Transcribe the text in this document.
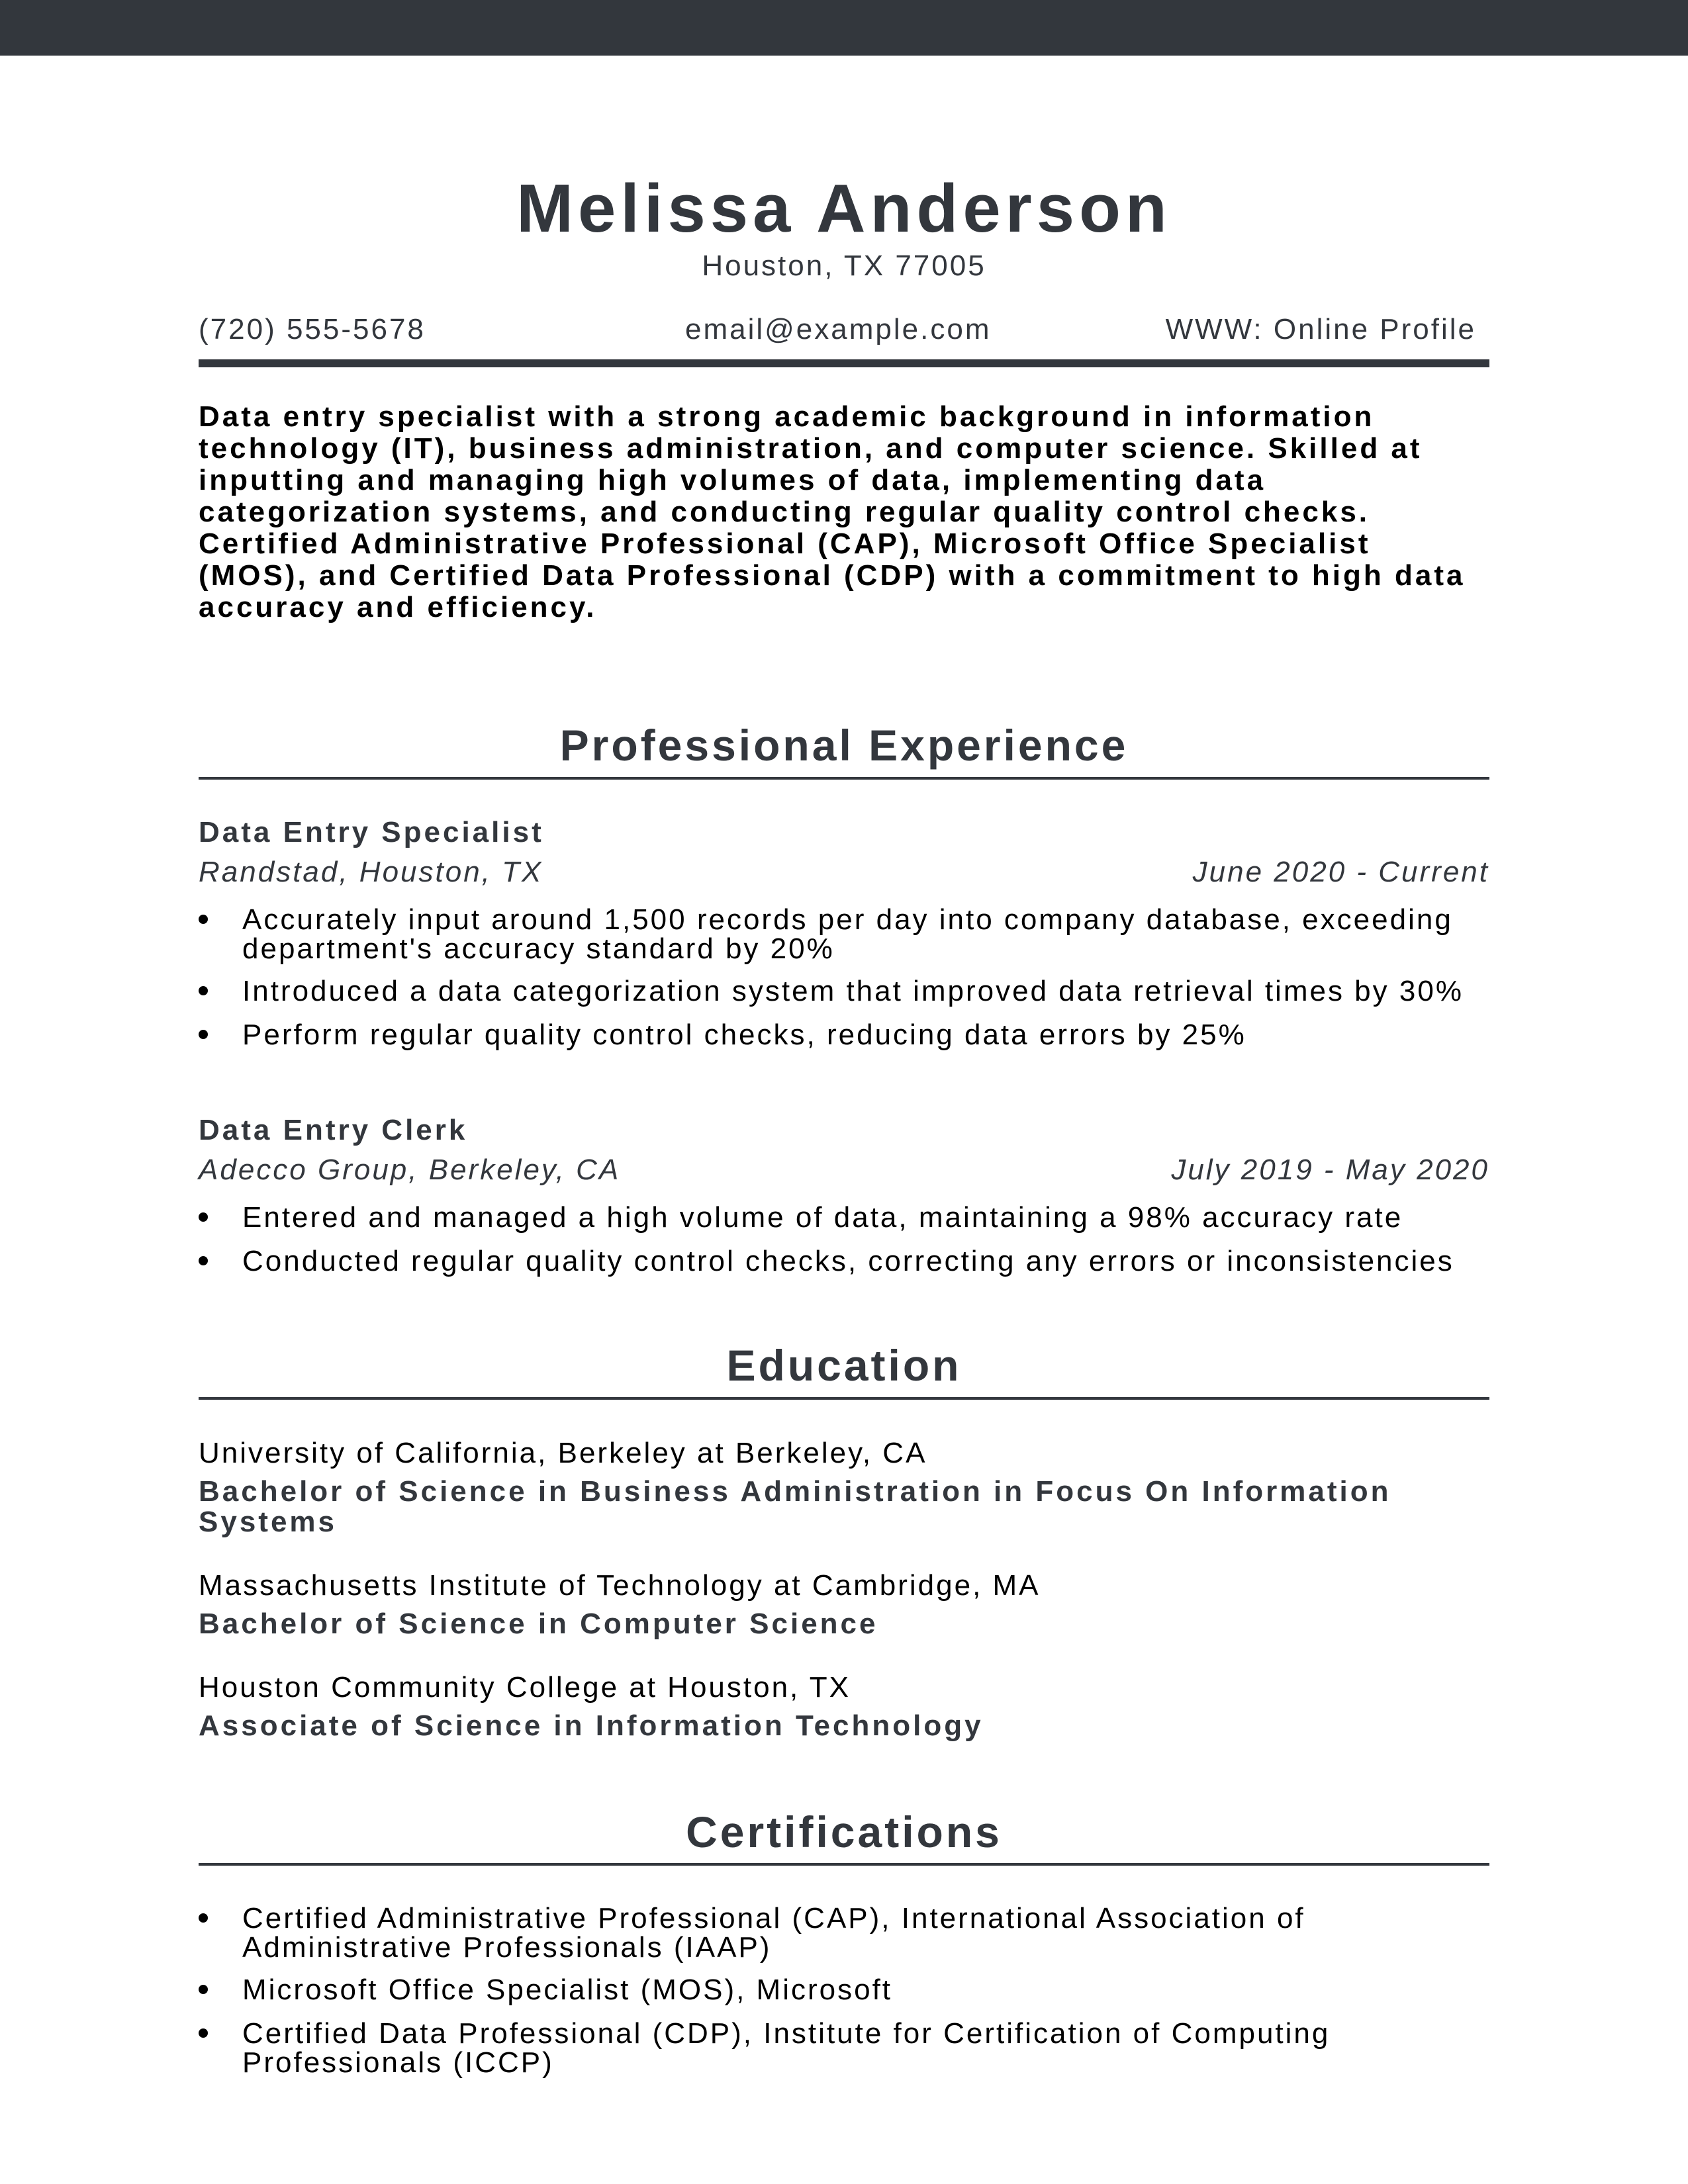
Melissa Anderson
Houston, TX 77005
(720) 555-5678	email@example.com	WWW: Online Profile
Data entry specialist with a strong academic background in information technology (IT), business administration, and computer science. Skilled at inputting and managing high volumes of data, implementing data categorization systems, and conducting regular quality control checks. Certified Administrative Professional (CAP), Microsoft Office Specialist (MOS), and Certified Data Professional (CDP) with a commitment to high data accuracy and efficiency.
Professional Experience
Data Entry Specialist
Randstad, Houston, TX	June 2020 - Current
Accurately input around 1,500 records per day into company database, exceeding department's accuracy standard by 20%
Introduced a data categorization system that improved data retrieval times by 30%
Perform regular quality control checks, reducing data errors by 25%
Data Entry Clerk
Adecco Group, Berkeley, CA	July 2019 - May 2020
Entered and managed a high volume of data, maintaining a 98% accuracy rate
Conducted regular quality control checks, correcting any errors or inconsistencies
Education
University of California, Berkeley at Berkeley, CA
Bachelor of Science in Business Administration in Focus On Information Systems
Massachusetts Institute of Technology at Cambridge, MA
Bachelor of Science in Computer Science
Houston Community College at Houston, TX
Associate of Science in Information Technology
Certifications
Certified Administrative Professional (CAP), International Association of Administrative Professionals (IAAP)
Microsoft Office Specialist (MOS), Microsoft
Certified Data Professional (CDP), Institute for Certification of Computing Professionals (ICCP)
